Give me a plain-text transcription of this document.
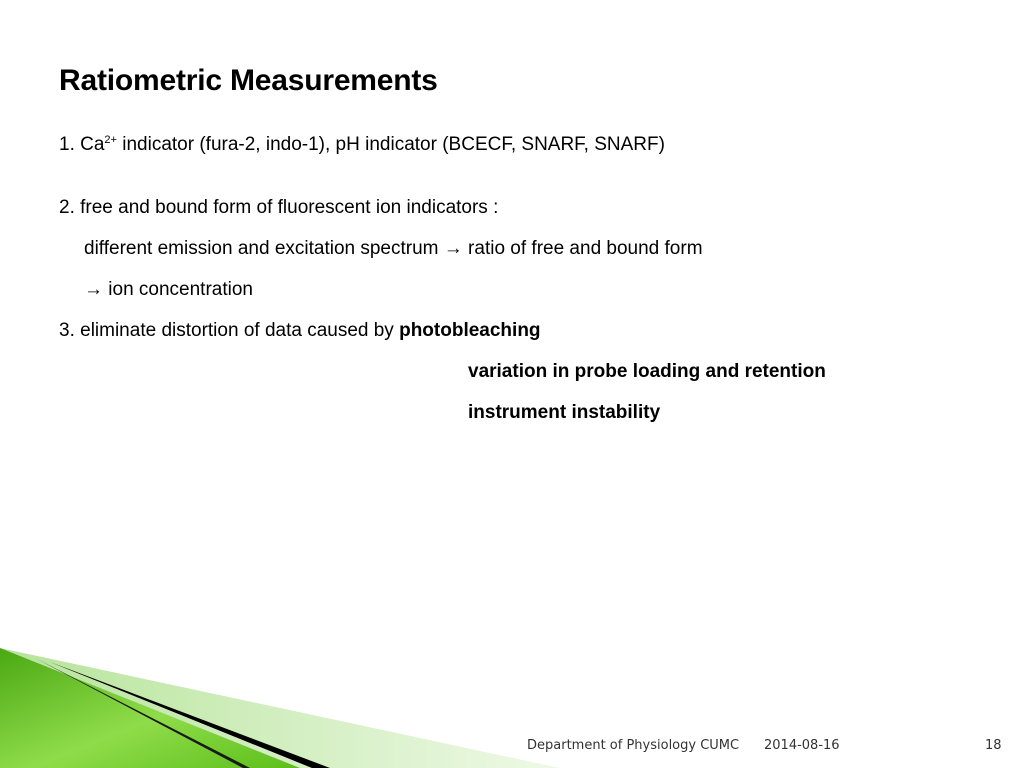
Ratiometric Measurements
1. $Ca^{2+}$ indicator (fura-2, indo-1), pH indicator (BCECF, SNARF, SNARF)
2. free and bound form of fluorescent ion indicators :
different emission and excitation spectrum → ratio of free and bound form
→ ion concentration
3. eliminate distortion of data caused by photobleaching
variation in probe loading and retention
instrument instability
Department of Physiology CUMC 2014-08-16	18
